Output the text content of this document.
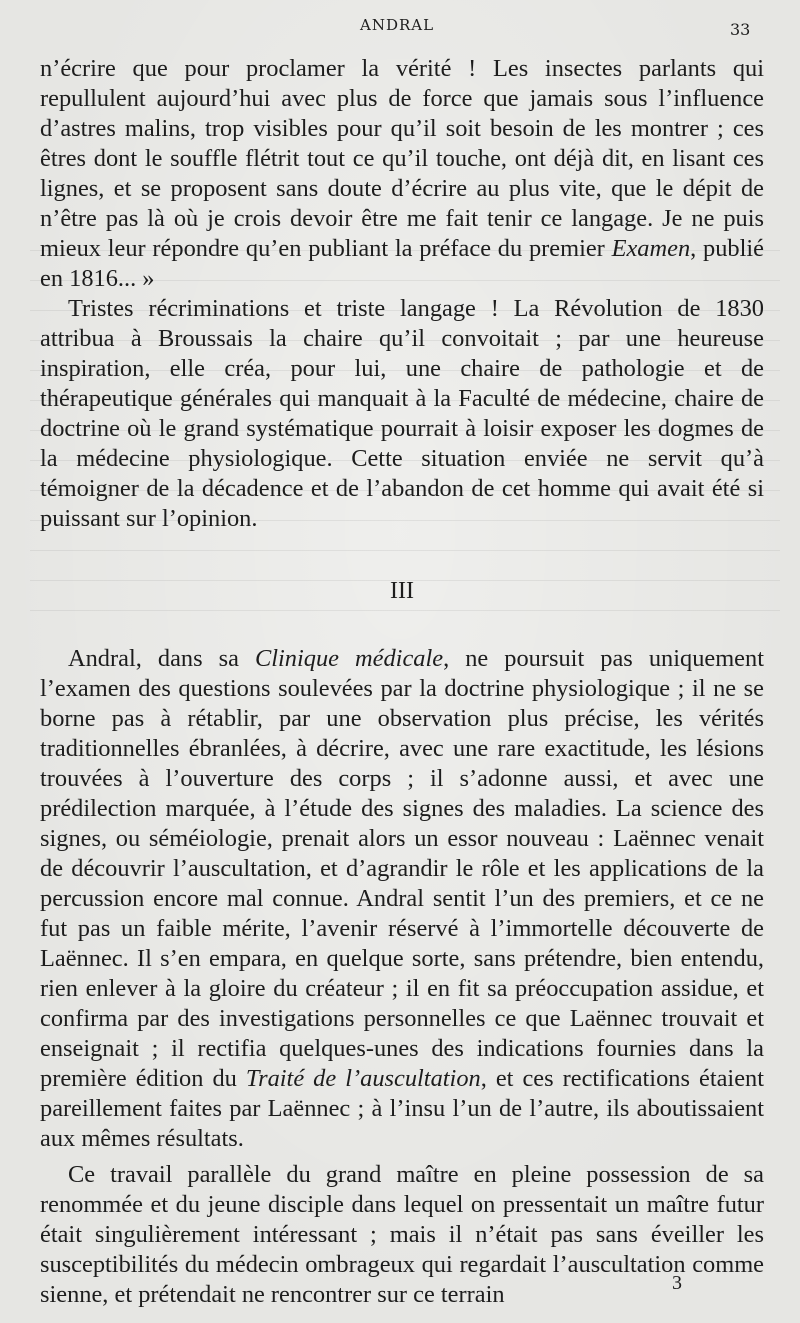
ANDRAL	33

n’écrire que pour proclamer la vérité ! Les insectes parlants qui repullulent aujourd’hui avec plus de force que jamais sous l’influence d’astres malins, trop visibles pour qu’il soit besoin de les montrer ; ces êtres dont le souffle flétrit tout ce qu’il touche, ont déjà dit, en lisant ces lignes, et se proposent sans doute d’écrire au plus vite, que le dépit de n’être pas là où je crois devoir être me fait tenir ce langage. Je ne puis mieux leur répondre qu’en publiant la préface du premier Examen, publié en 1816... »

Tristes récriminations et triste langage ! La Révolution de 1830 attribua à Broussais la chaire qu’il convoitait ; par une heureuse inspiration, elle créa, pour lui, une chaire de pathologie et de thérapeutique générales qui manquait à la Faculté de médecine, chaire de doctrine où le grand systématique pourrait à loisir exposer les dogmes de la médecine physiologique. Cette situation enviée ne servit qu’à témoigner de la décadence et de l’abandon de cet homme qui avait été si puissant sur l’opinion.

III

Andral, dans sa Clinique médicale, ne poursuit pas uniquement l’examen des questions soulevées par la doctrine physiologique ; il ne se borne pas à rétablir, par une observation plus précise, les vérités traditionnelles ébranlées, à décrire, avec une rare exactitude, les lésions trouvées à l’ouverture des corps ; il s’adonne aussi, et avec une prédilection marquée, à l’étude des signes des maladies. La science des signes, ou séméiologie, prenait alors un essor nouveau : Laënnec venait de découvrir l’auscultation, et d’agrandir le rôle et les applications de la percussion encore mal connue. Andral sentit l’un des premiers, et ce ne fut pas un faible mérite, l’avenir réservé à l’immortelle découverte de Laënnec. Il s’en empara, en quelque sorte, sans prétendre, bien entendu, rien enlever à la gloire du créateur ; il en fit sa préoccupation assidue, et confirma par des investigations personnelles ce que Laënnec trouvait et enseignait ; il rectifia quelques-unes des indications fournies dans la première édition du Traité de l’auscultation, et ces rectifications étaient pareillement faites par Laënnec ; à l’insu l’un de l’autre, ils aboutissaient aux mêmes résultats.

Ce travail parallèle du grand maître en pleine possession de sa renommée et du jeune disciple dans lequel on pressentait un maître futur était singulièrement intéressant ; mais il n’était pas sans éveiller les susceptibilités du médecin ombrageux qui regardait l’auscultation comme sienne, et prétendait ne rencontrer sur ce terrain	3
